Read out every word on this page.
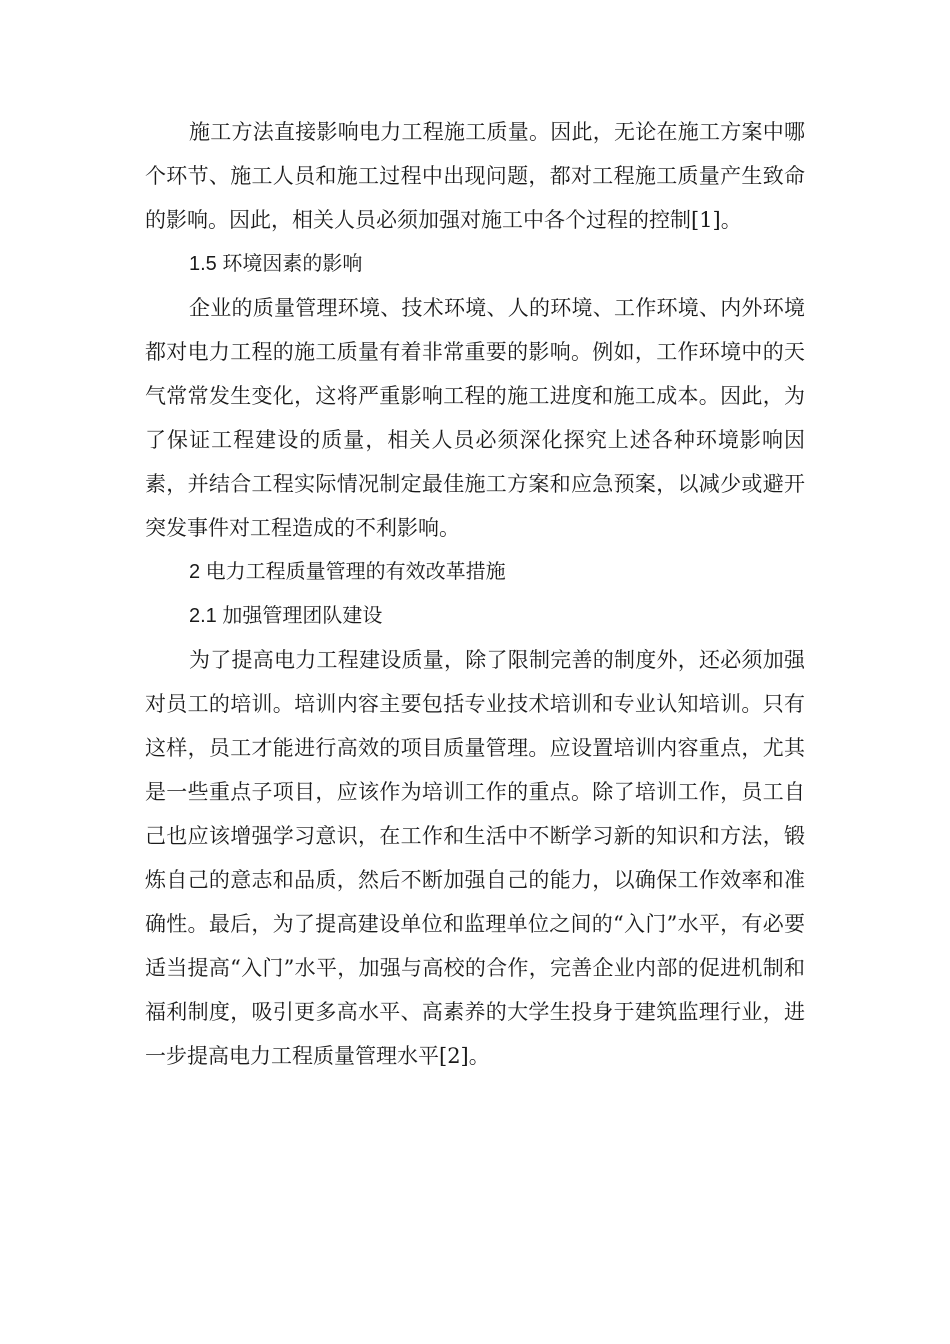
施工方法直接影响电力工程施工质量。因此，无论在施工方案中哪个环节、施工人员和施工过程中出现问题，都对工程施工质量产生致命的影响。因此，相关人员必须加强对施工中各个过程的控制[1]。

1.5 环境因素的影响

企业的质量管理环境、技术环境、人的环境、工作环境、内外环境都对电力工程的施工质量有着非常重要的影响。例如，工作环境中的天气常常发生变化，这将严重影响工程的施工进度和施工成本。因此，为了保证工程建设的质量，相关人员必须深化探究上述各种环境影响因素，并结合工程实际情况制定最佳施工方案和应急预案，以减少或避开突发事件对工程造成的不利影响。

2 电力工程质量管理的有效改革措施

2.1 加强管理团队建设

为了提高电力工程建设质量，除了限制完善的制度外，还必须加强对员工的培训。培训内容主要包括专业技术培训和专业认知培训。只有这样，员工才能进行高效的项目质量管理。应设置培训内容重点，尤其是一些重点子项目，应该作为培训工作的重点。除了培训工作，员工自己也应该增强学习意识，在工作和生活中不断学习新的知识和方法，锻炼自己的意志和品质，然后不断加强自己的能力，以确保工作效率和准确性。最后，为了提高建设单位和监理单位之间的“入门”水平，有必要适当提高“入门”水平，加强与高校的合作，完善企业内部的促进机制和福利制度，吸引更多高水平、高素养的大学生投身于建筑监理行业，进一步提高电力工程质量管理水平[2]。
